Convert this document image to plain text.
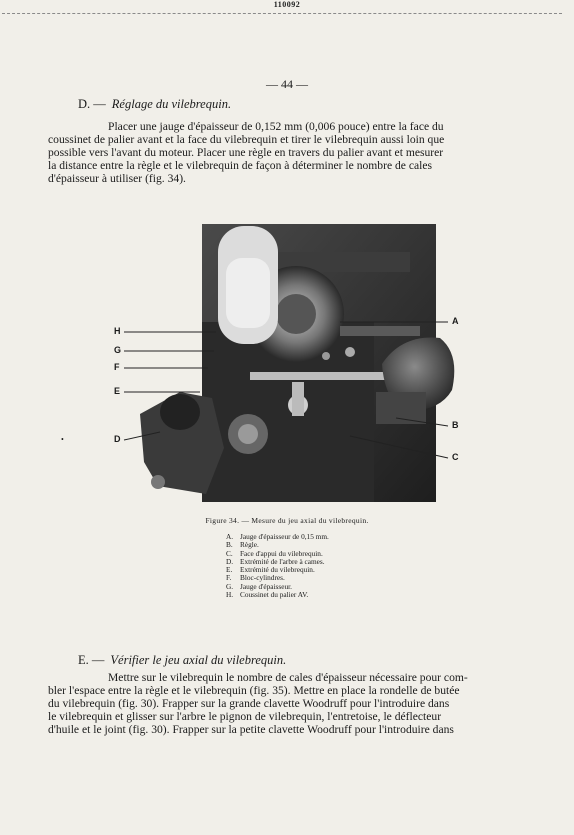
110092
— 44 —
D. — Réglage du vilebrequin.
Placer une jauge d'épaisseur de 0,152 mm (0,006 pouce) entre la face du
coussinet de palier avant et la face du vilebrequin et tirer le vilebrequin aussi loin que
possible vers l'avant du moteur. Placer une règle en travers du palier avant et mesurer
la distance entre la règle et le vilebrequin de façon à déterminer le nombre de cales
d'épaisseur à utiliser (fig. 34).
•
H
G
F
E
D
A
B
C
Figure 34. — Mesure du jeu axial du vilebrequin.
A. Jauge d'épaisseur de 0,15 mm.
B. Règle.
C. Face d'appui du vilebrequin.
D. Extrémité de l'arbre à cames.
E.	Extrémité du vilebrequin.
F.	Bloc-cylindres.
G. Jauge d'épaisseur.
H. Coussinet du palier AV.
E. — Vérifier le jeu axial du vilebrequin.
Mettre sur le vilebrequin le nombre de cales d'épaisseur nécessaire pour com-
bler l'espace entre la règle et le vilebrequin (fig. 35). Mettre en place la rondelle de butée
du vilebrequin (fig. 30). Frapper sur la grande clavette Woodruff pour l'introduire dans
le vilebrequin et glisser sur l'arbre le pignon de vilebrequin, l'entretoise, le déflecteur
d'huile et le joint (fig. 30). Frapper sur la petite clavette Woodruff pour l'introduire dans
